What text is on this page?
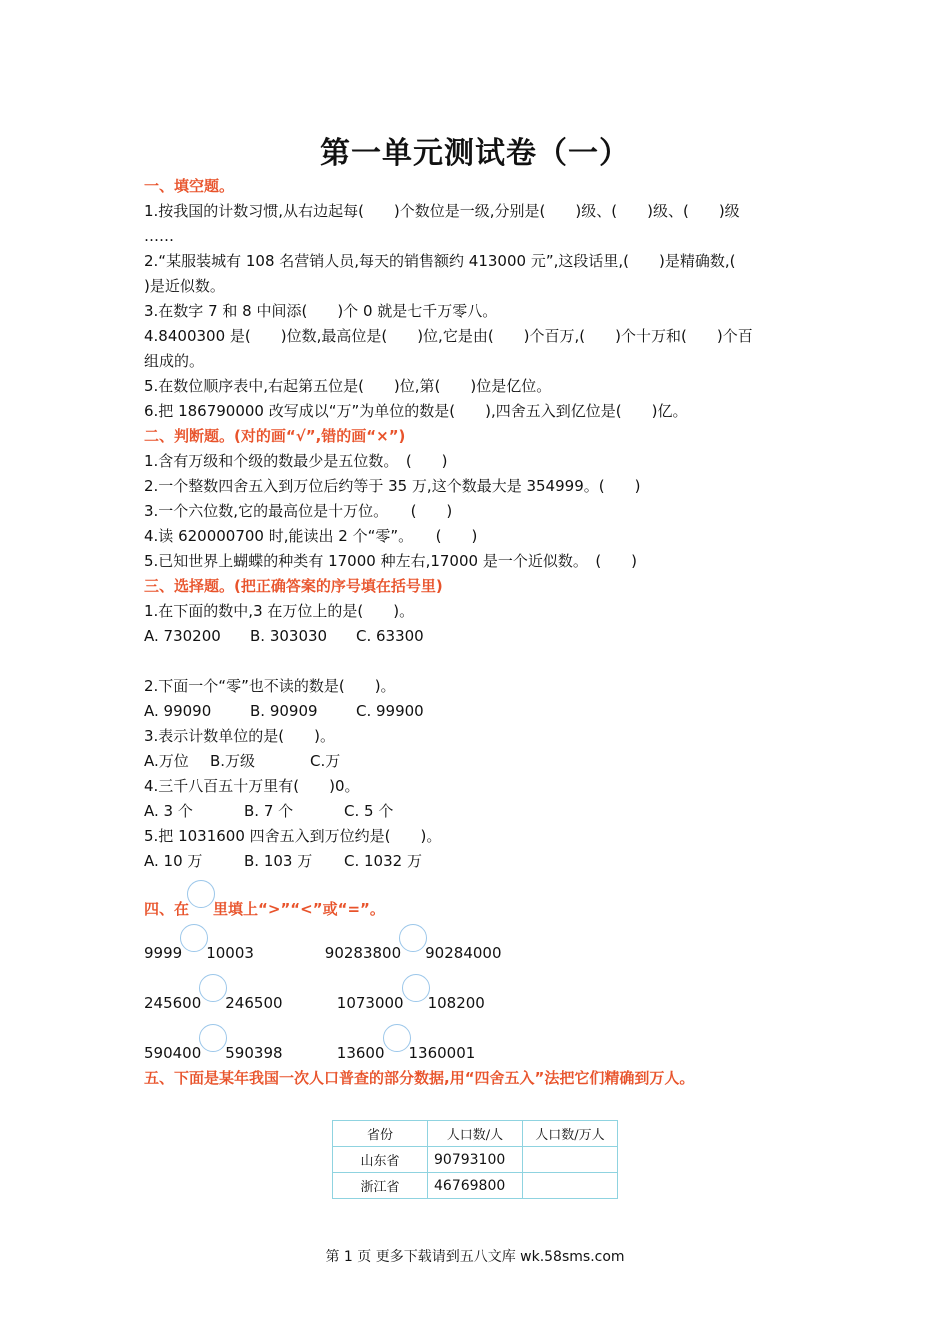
第一单元测试卷（一）
一、填空题。
1.按我国的计数习惯,从右边起每(　　)个数位是一级,分别是(　　)级、(　　)级、(　　)级
……
2.“某服装城有 108 名营销人员,每天的销售额约 413000 元”,这段话里,(　　)是精确数,(
)是近似数。
3.在数字 7 和 8 中间添(　　)个 0 就是七千万零八。
4.8400300 是(　　)位数,最高位是(　　)位,它是由(　　)个百万,(　　)个十万和(　　)个百
组成的。
5.在数位顺序表中,右起第五位是(　　)位,第(　　)位是亿位。
6.把 186790000 改写成以“万”为单位的数是(　　),四舍五入到亿位是(　　)亿。
二、判断题。(对的画“√”,错的画“×”)
1.含有万级和个级的数最少是五位数。　(　　)
2.一个整数四舍五入到万位后约等于 35 万,这个数最大是 354999。(　　)
3.一个六位数,它的最高位是十万位。　　(　　)
4.读 620000700 时,能读出 2 个“零”。　　(　　)
5.已知世界上蝴蝶的种类有 17000 种左右,17000 是一个近似数。　(　　)
三、选择题。(把正确答案的序号填在括号里)
1.在下面的数中,3 在万位上的是(　　)。
A. 730200 B. 303030 C. 63300
2.下面一个“零”也不读的数是(　　)。
A. 99090	B. 90909	C. 99900
3.表示计数单位的是(　　)。
A.万位 B.万级	C.万
4.三千八百五十万里有(　　)0。
A. 3 个	B. 7 个	C. 5 个
5.把 1031600 四舍五入到万位约是(　　)。
A. 10 万	B. 103 万 C. 1032 万
四、在 里填上“>”“<”或“=”。
9999 10003	90283800 90284000
245600 246500	1073000 108200
590400 590398	13600 1360001
五、下面是某年我国一次人口普查的部分数据,用“四舍五入”法把它们精确到万人。
省份	人口数/人	人口数/万人
山东省	90793100	
浙江省	46769800	
第 1 页 更多下载请到五八文库 wk.58sms.com
